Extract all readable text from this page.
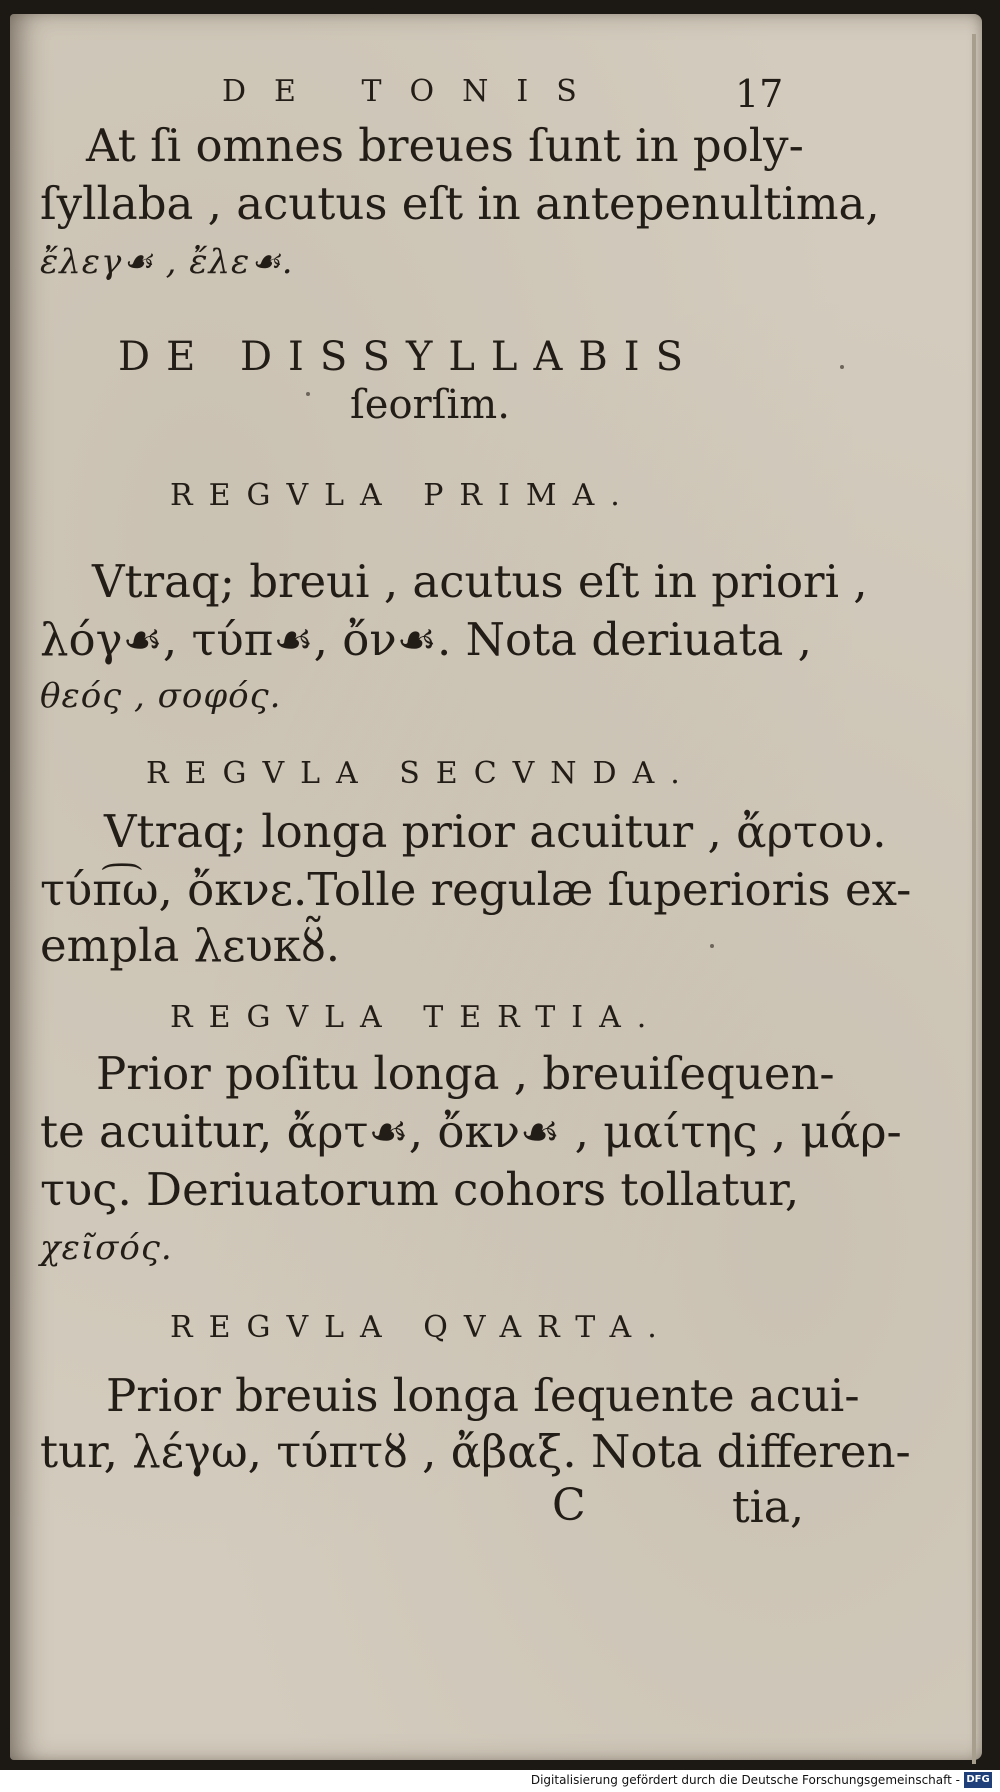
DE TONIS	17
At ſi omnes breues ſunt in poly-
ſyllaba , acutus eſt in antepenultima,
ἔλεγ☙ , ἔλε☙.
DE DISSYLLABIS
ſeorſim.
REGVLA PRIMA.
Vtraq; breui , acutus eſt in priori ,
λόγ☙, τύπ☙, ὄν☙. Nota deriuata ,
θεός , σοφός.
REGVLA SECVNDA.
Vtraq; longa prior acuitur , ἄρτου.
τύπ͡ω, ὄκνε.Tolle regulæ ſuperioris ex-
empla λευκȣ̃.
REGVLA TERTIA.
Prior poſitu longa , breuiſequen-
te acuitur, ἄρτ☙, ὄκν☙ , μαίτης , μάρ-
τυς. Deriuatorum cohors tollatur,
χεῖσός.
REGVLA QVARTA.
Prior breuis longa ſequente acui-
tur, λέγω, τύπτȣ , ἄβαξ. Nota differen-
C	tia,
Digitalisierung gefördert durch die Deutsche Forschungsgemeinschaft - DFG
